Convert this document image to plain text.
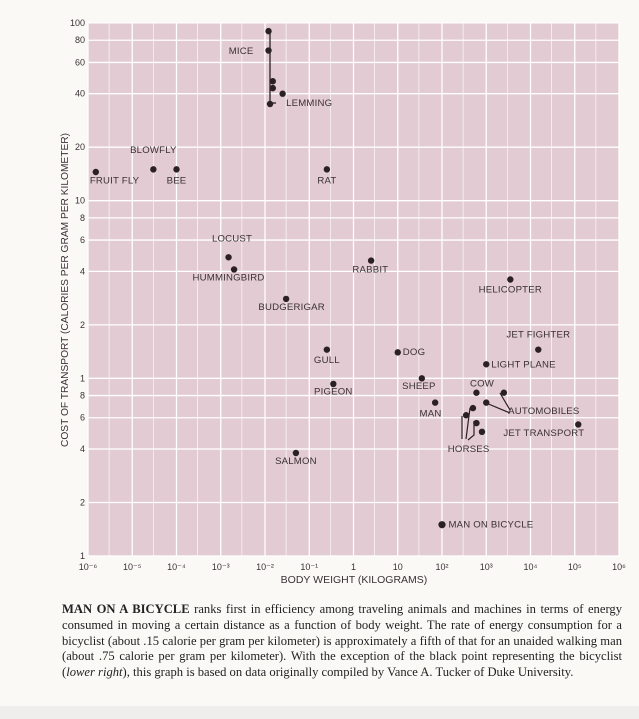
10⁻⁶	10⁻⁵	10⁻⁴	10⁻³	10⁻²	10⁻¹	1	10	10²	10³	10⁴	10⁵	10⁶
100
80
60
40
20
10
8
6
4
2
1
8
6
4
2
1
MICE
LEMMING
BLOWFLY
FRUIT FLY	BEE	RAT
LOCUST
HUMMINGBIRD
BUDGERIGAR
RABBIT
HELICOPTER
GULL
DOG
JET FIGHTER
LIGHT PLANE
SHEEP	COW
PIGEON
AUTOMOBILES
MAN
JET TRANSPORT
HORSES
SALMON
MAN ON BICYCLE
BODY WEIGHT (KILOGRAMS)
COST OF TRANSPORT (CALORIES PER GRAM PER KILOMETER)
MAN ON A BICYCLE ranks first in efficiency among traveling animals and machines in terms of energy consumed in moving a certain distance as a function of body weight. The rate of energy consumption for a bicyclist (about .15 calorie per gram per kilometer) is approximately a fifth of that for an unaided walking man (about .75 calorie per gram per kilometer). With the exception of the black point representing the bicyclist (lower right), this graph is based on data originally compiled by Vance A. Tucker of Duke University.
